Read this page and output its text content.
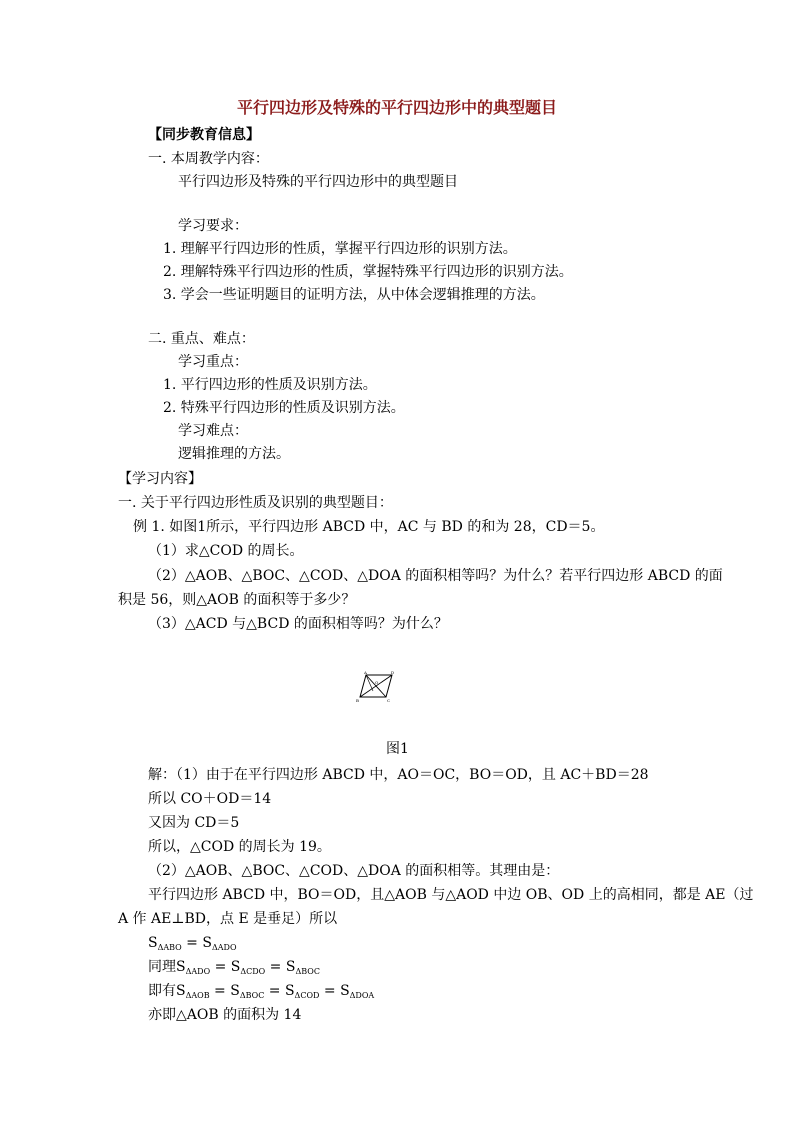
平行四边形及特殊的平行四边形中的典型题目
【同步教育信息】
一. 本周教学内容：
平行四边形及特殊的平行四边形中的典型题目
学习要求：
1. 理解平行四边形的性质，掌握平行四边形的识别方法。
2. 理解特殊平行四边形的性质，掌握特殊平行四边形的识别方法。
3. 学会一些证明题目的证明方法，从中体会逻辑推理的方法。
二. 重点、难点：
学习重点：
1. 平行四边形的性质及识别方法。
2. 特殊平行四边形的性质及识别方法。
学习难点：
逻辑推理的方法。
【学习内容】
一. 关于平行四边形性质及识别的典型题目：
例 1. 如图1所示，平行四边形 ABCD 中，AC 与 BD 的和为 28，CD＝5。
（1）求△COD 的周长。
（2）△AOB、△BOC、△COD、△DOA 的面积相等吗？为什么？若平行四边形 ABCD 的面
积是 56，则△AOB 的面积等于多少？
（3）△ACD 与△BCD 的面积相等吗？为什么？
A
B	C
D
O
图1
解：（1）由于在平行四边形 ABCD 中，AO＝OC，BO＝OD，且 AC＋BD＝28
所以 CO＋OD＝14
又因为 CD＝5
所以，△COD 的周长为 19。
（2）△AOB、△BOC、△COD、△DOA 的面积相等。其理由是：
平行四边形 ABCD 中，BO＝OD，且△AOB 与△AOD 中边 OB、OD 上的高相同，都是 AE（过
A 作 AE⊥BD，点 E 是垂足）所以
$S_{\Delta ABO} = S_{\Delta ADO}$
同理$S_{\Delta ADO} = S_{\Delta CDO} = S_{\Delta BOC}$
即有$S_{\Delta AOB} = S_{\Delta BOC} = S_{\Delta COD} = S_{\Delta DOA}$
亦即△AOB 的面积为 14
